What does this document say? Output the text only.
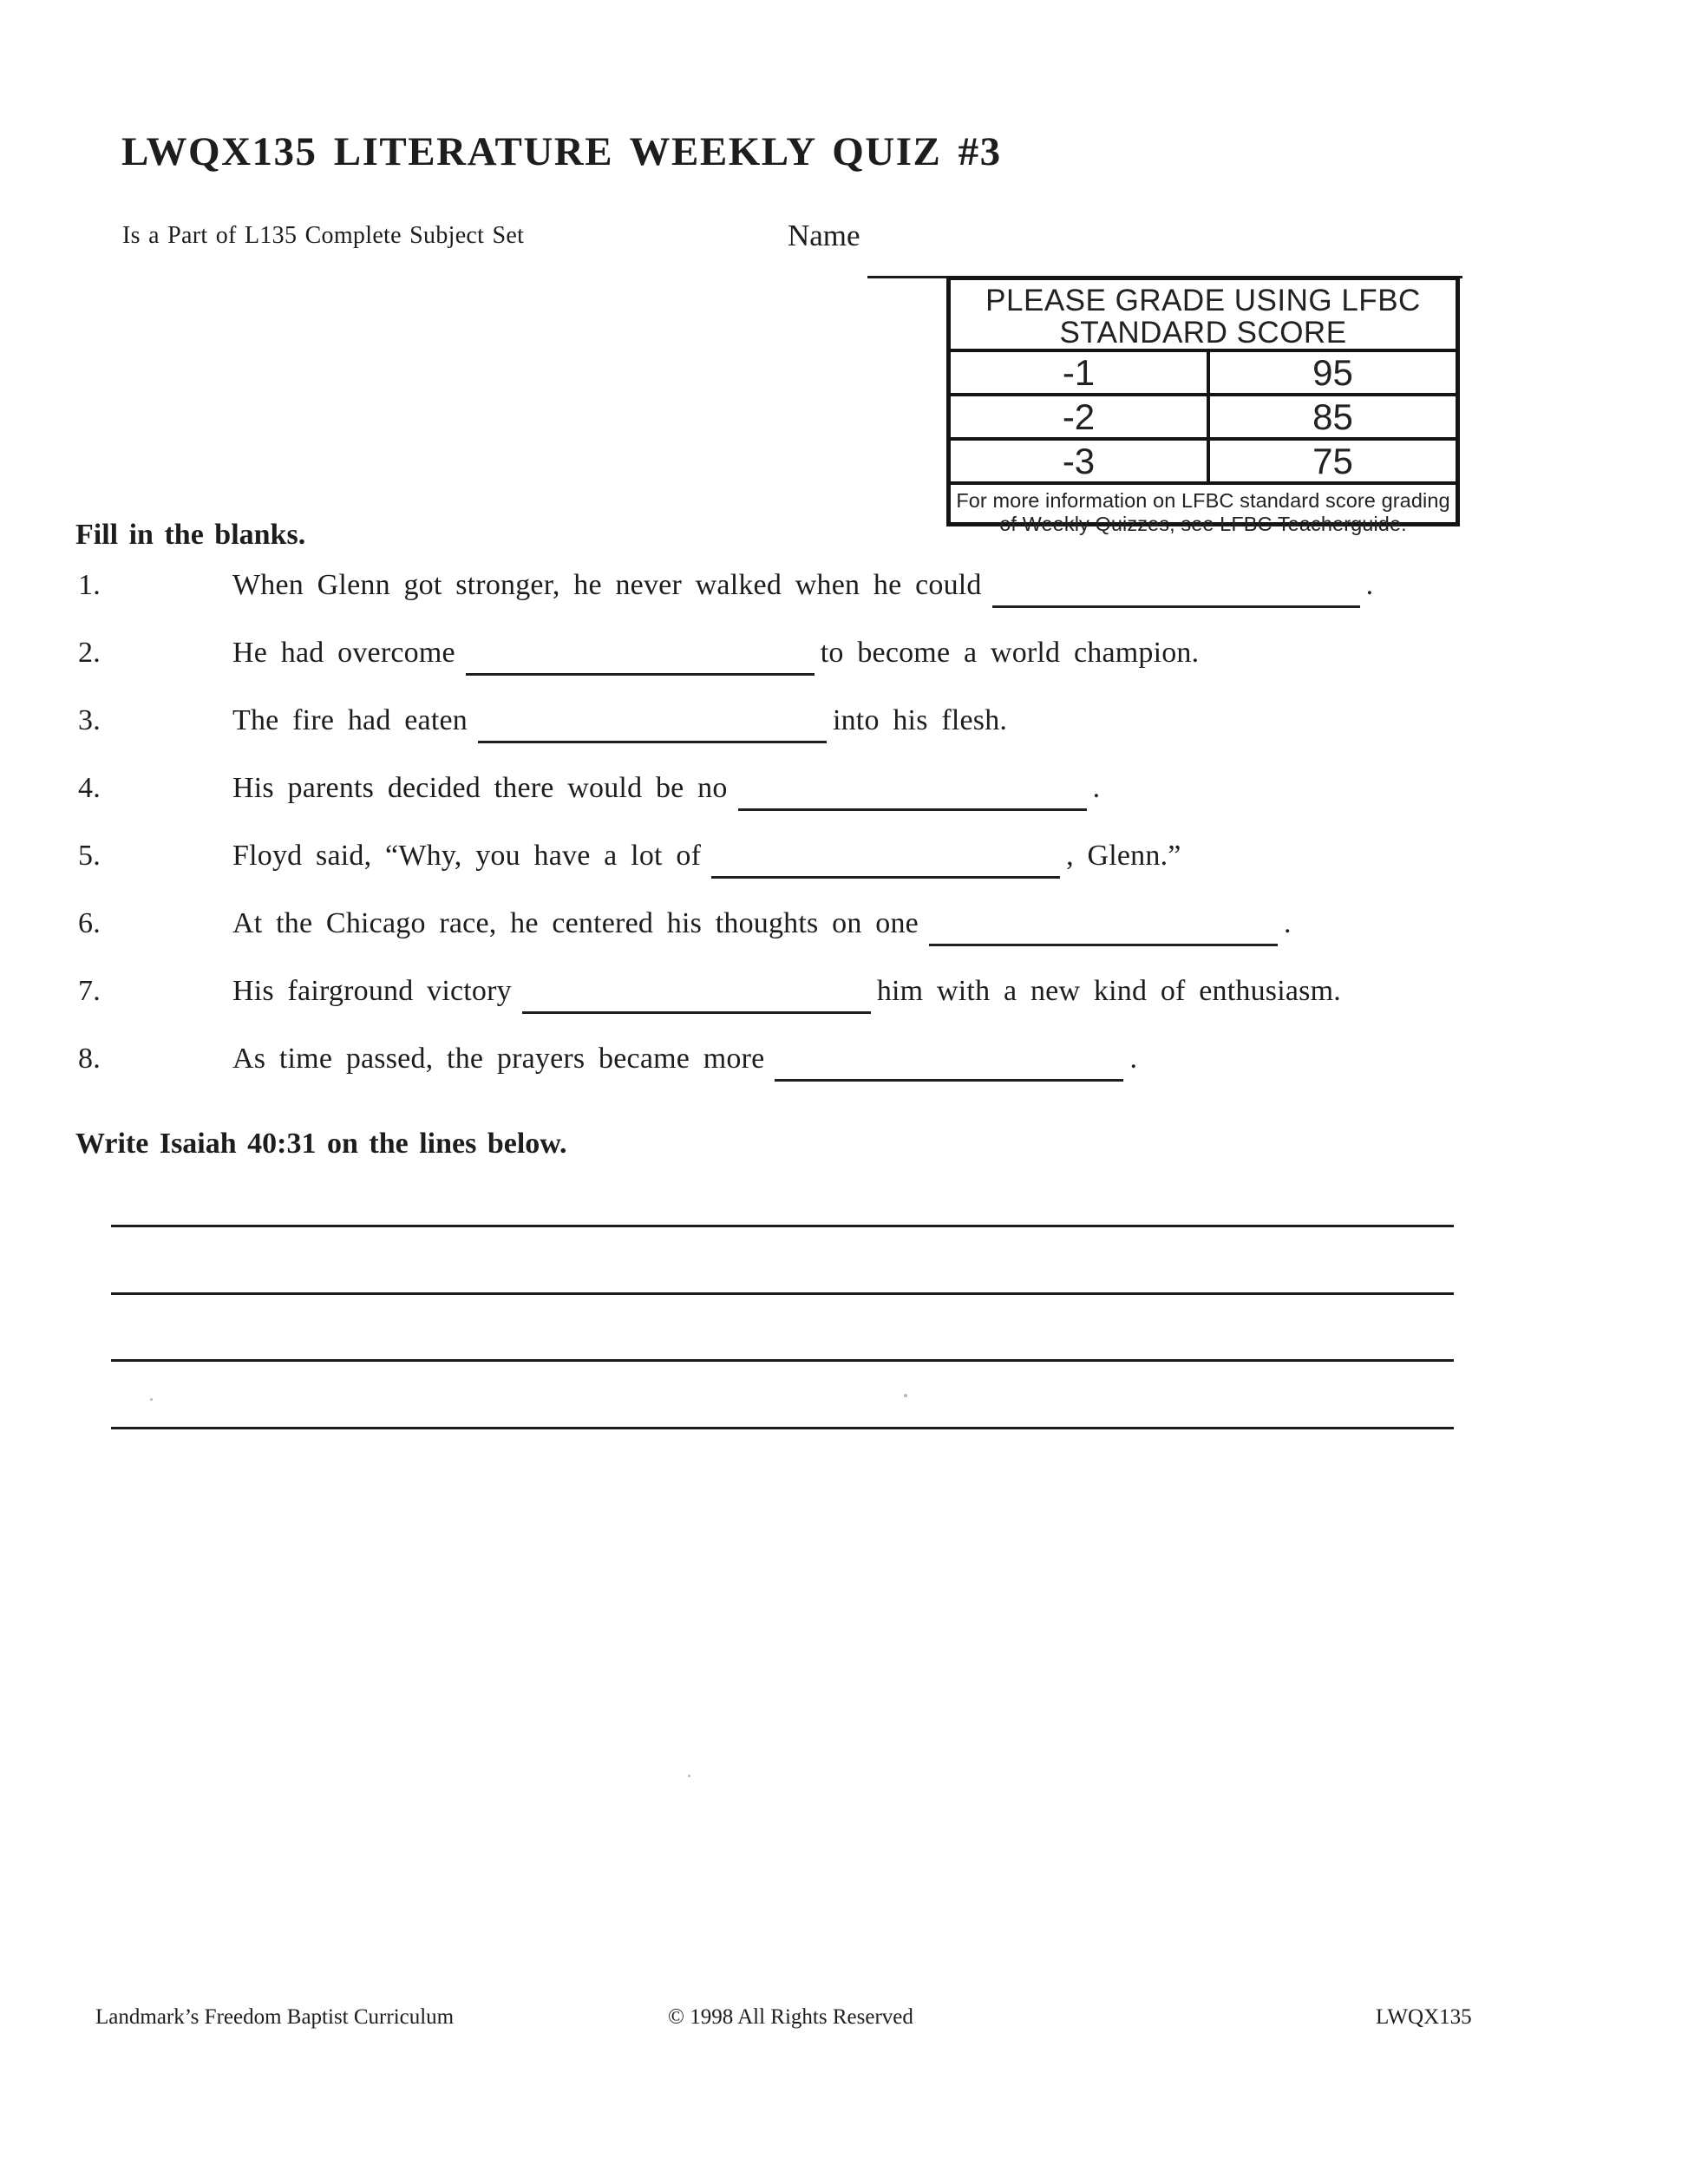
LWQX135 LITERATURE WEEKLY QUIZ #3
Is a Part of L135 Complete Subject Set	Name
PLEASE GRADE USING LFBC
STANDARD SCORE
-1	95
-2	85
-3	75
For more information on LFBC standard score grading
of Weekly Quizzes, see LFBC Teacherguide.
Fill in the blanks.
1.	When Glenn got stronger, he never walked when he could	.
2.	He had overcome	to become a world champion.
3.	The fire had eaten	into his flesh.
4.	His parents decided there would be no	.
5.	Floyd said, “Why, you have a lot of	, Glenn.”
6.	At the Chicago race, he centered his thoughts on one	.
7.	His fairground victory	him with a new kind of enthusiasm.
8.	As time passed, the prayers became more	.
Write Isaiah 40:31 on the lines below.
Landmark’s Freedom Baptist Curriculum	© 1998 All Rights Reserved	LWQX135
